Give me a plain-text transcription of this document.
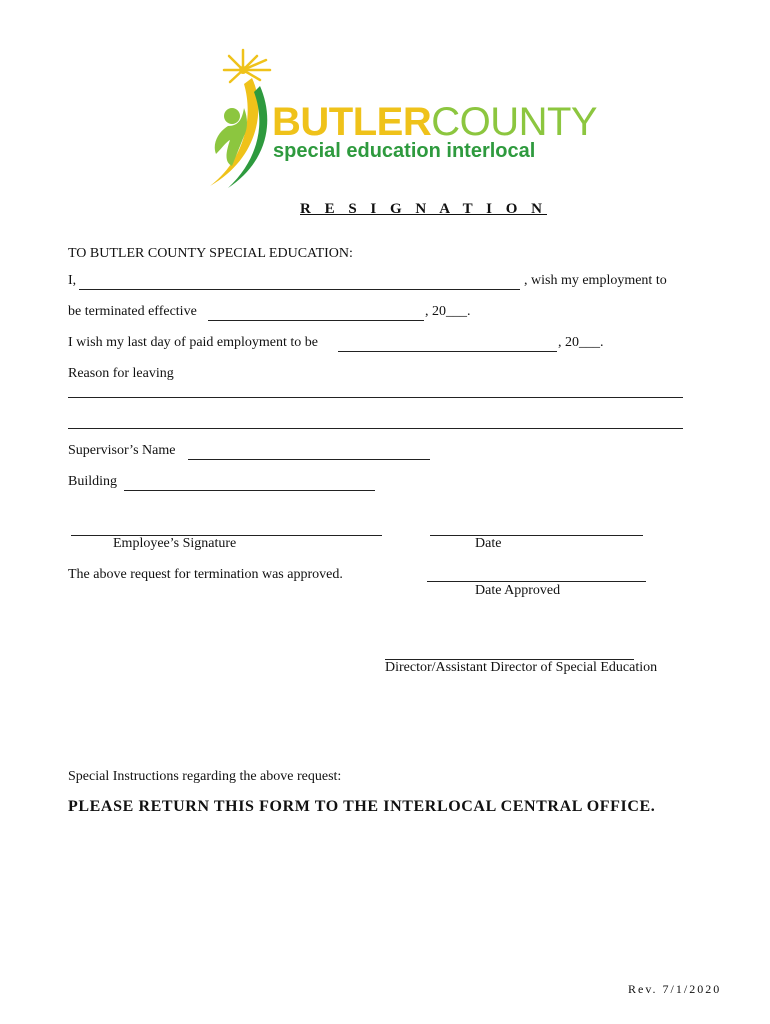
BUTLERCOUNTY
special education interlocal
R E S I G N A T I O N
TO BUTLER COUNTY SPECIAL EDUCATION:
I,	, wish my employment to
be terminated effective	, 20___.
I wish my last day of paid employment to be	, 20___.
Reason for leaving
Supervisor’s Name
Building
Employee’s Signature	Date
The above request for termination was approved.
Date Approved
Director/Assistant Director of Special Education
Special Instructions regarding the above request:
PLEASE RETURN THIS FORM TO THE INTERLOCAL CENTRAL OFFICE.
Rev. 7/1/2020
